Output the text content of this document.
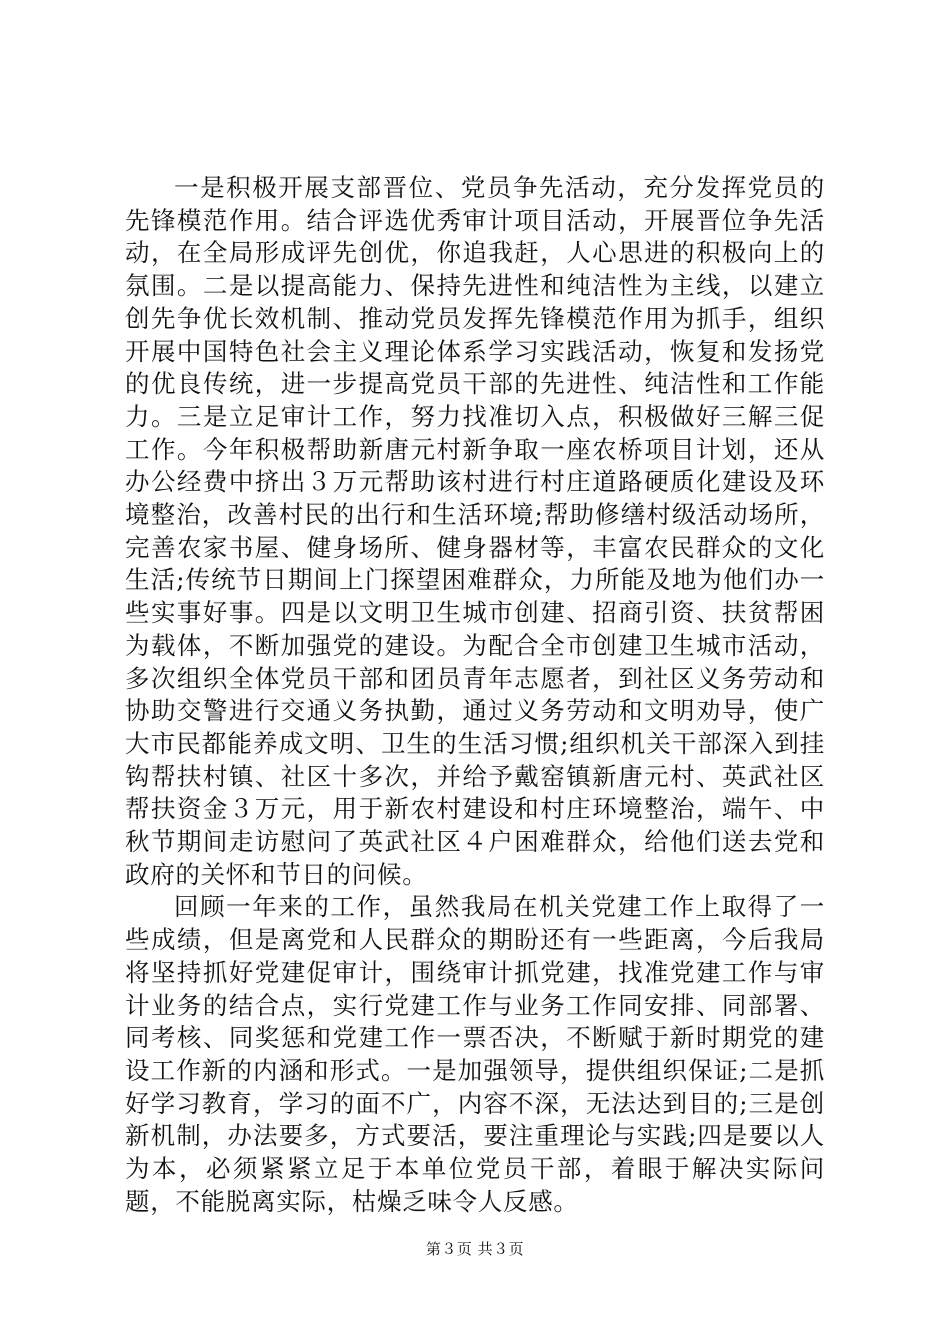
一是积极开展支部晋位、党员争先活动，充分发挥党员的先锋模范作用。结合评选优秀审计项目活动，开展晋位争先活动，在全局形成评先创优，你追我赶，人心思进的积极向上的氛围。二是以提高能力、保持先进性和纯洁性为主线，以建立创先争优长效机制、推动党员发挥先锋模范作用为抓手，组织开展中国特色社会主义理论体系学习实践活动，恢复和发扬党的优良传统，进一步提高党员干部的先进性、纯洁性和工作能力。三是立足审计工作，努力找准切入点，积极做好三解三促工作。今年积极帮助新唐元村新争取一座农桥项目计划，还从办公经费中挤出３万元帮助该村进行村庄道路硬质化建设及环境整治，改善村民的出行和生活环境;帮助修缮村级活动场所，完善农家书屋、健身场所、健身器材等，丰富农民群众的文化生活;传统节日期间上门探望困难群众，力所能及地为他们办一些实事好事。四是以文明卫生城市创建、招商引资、扶贫帮困为载体，不断加强党的建设。为配合全市创建卫生城市活动，多次组织全体党员干部和团员青年志愿者，到社区义务劳动和协助交警进行交通义务执勤，通过义务劳动和文明劝导，使广大市民都能养成文明、卫生的生活习惯;组织机关干部深入到挂钩帮扶村镇、社区十多次，并给予戴窑镇新唐元村、英武社区帮扶资金３万元，用于新农村建设和村庄环境整治，端午、中秋节期间走访慰问了英武社区４户困难群众，给他们送去党和政府的关怀和节日的问候。

回顾一年来的工作，虽然我局在机关党建工作上取得了一些成绩，但是离党和人民群众的期盼还有一些距离，今后我局将坚持抓好党建促审计，围绕审计抓党建，找准党建工作与审计业务的结合点，实行党建工作与业务工作同安排、同部署、同考核、同奖惩和党建工作一票否决，不断赋于新时期党的建设工作新的内涵和形式。一是加强领导，提供组织保证;二是抓好学习教育，学习的面不广，内容不深，无法达到目的;三是创新机制，办法要多，方式要活，要注重理论与实践;四是要以人为本，必须紧紧立足于本单位党员干部，着眼于解决实际问题，不能脱离实际，枯燥乏味令人反感。

第３页 共３页
